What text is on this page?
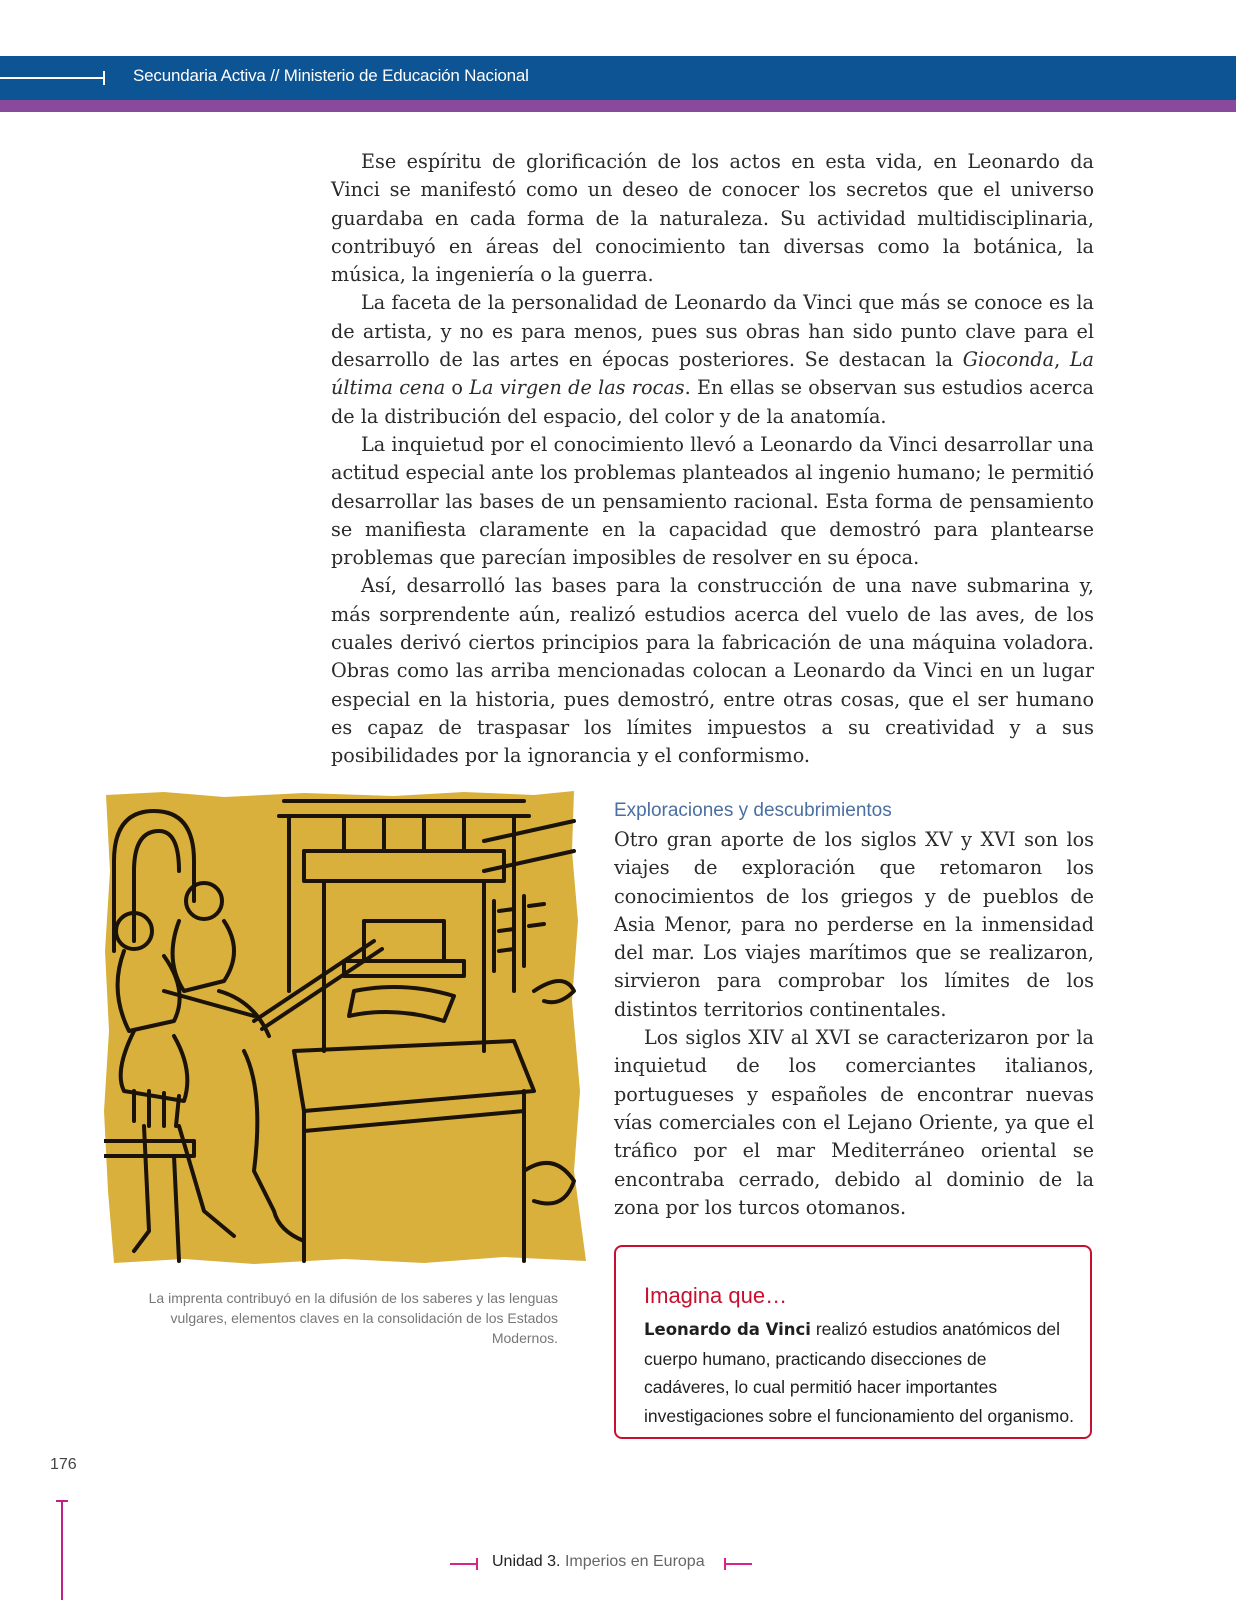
Secundaria Activa // Ministerio de Educación Nacional

Ese espíritu de glorificación de los actos en esta vida, en Leonardo da Vinci se manifestó como un deseo de conocer los secretos que el universo guardaba en cada forma de la naturaleza. Su actividad multidisciplinaria, contribuyó en áreas del conocimiento tan diversas como la botánica, la música, la ingeniería o la guerra.

La faceta de la personalidad de Leonardo da Vinci que más se conoce es la de artista, y no es para menos, pues sus obras han sido punto clave para el desarrollo de las artes en épocas posteriores. Se destacan la Gioconda, La última cena o La virgen de las rocas. En ellas se observan sus estudios acerca de la distribución del espacio, del color y de la anatomía.

La inquietud por el conocimiento llevó a Leonardo da Vinci desarrollar una actitud especial ante los problemas planteados al ingenio humano; le permitió desarrollar las bases de un pensamiento racional. Esta forma de pensamiento se manifiesta claramente en la capacidad que demostró para plantearse problemas que parecían imposibles de resolver en su época.

Así, desarrolló las bases para la construcción de una nave submarina y, más sorprendente aún, realizó estudios acerca del vuelo de las aves, de los cuales derivó ciertos principios para la fabricación de una máquina voladora. Obras como las arriba mencionadas colocan a Leonardo da Vinci en un lugar especial en la historia, pues demostró, entre otras cosas, que el ser humano es capaz de traspasar los límites impuestos a su creatividad y a sus posibilidades por la ignorancia y el conformismo.

La imprenta contribuyó en la difusión de los saberes y las lenguas vulgares, elementos claves en la consolidación de los Estados Modernos.
Exploraciones y descubrimientos

Otro gran aporte de los siglos XV y XVI son los viajes de exploración que retomaron los conocimientos de los griegos y de pueblos de Asia Menor, para no perderse en la inmensidad del mar. Los viajes marítimos que se realizaron, sirvieron para comprobar los límites de los distintos territorios continentales.

Los siglos XIV al XVI se caracterizaron por la inquietud de los comerciantes italianos, portugueses y españoles de encontrar nuevas vías comerciales con el Lejano Oriente, ya que el tráfico por el mar Mediterráneo oriental se encontraba cerrado, debido al dominio de la zona por los turcos otomanos.

Imagina que…
Leonardo da Vinci realizó estudios anatómicos del cuerpo humano, practicando disecciones de cadáveres, lo cual permitió hacer importantes investigaciones sobre el funcionamiento del organismo.
176
Unidad 3. Imperios en Europa
